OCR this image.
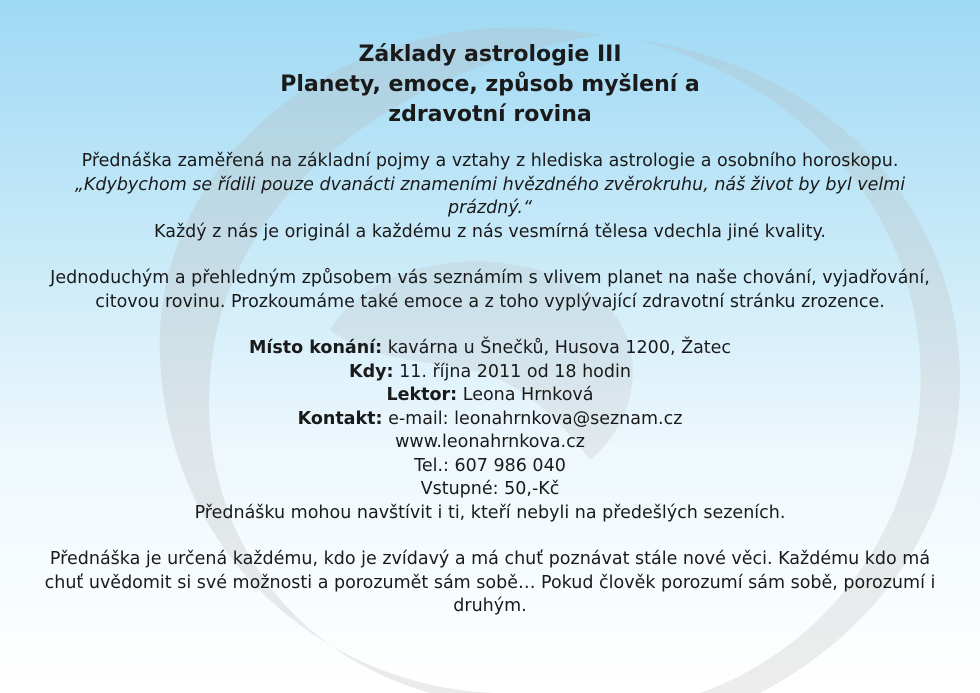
Základy astrologie III
Planety, emoce, způsob myšlení a
zdravotní rovina

Přednáška zaměřená na základní pojmy a vztahy z hlediska astrologie a osobního horoskopu.

„Kdybychom se řídili pouze dvanácti znameními hvězdného zvěrokruhu, náš život by byl velmi prázdný.“

Každý z nás je originál a každému z nás vesmírná tělesa vdechla jiné kvality.

Jednoduchým a přehledným způsobem vás seznámím s vlivem planet na naše chování, vyjadřování, citovou rovinu. Prozkoumáme také emoce a z toho vyplývající zdravotní stránku zrozence.

Místo konání: kavárna u Šnečků, Husova 1200, Žatec

Kdy: 11. října 2011 od 18 hodin

Lektor: Leona Hrnková

Kontakt: e-mail: leonahrnkova@seznam.cz

www.leonahrnkova.cz

Tel.: 607 986 040

Vstupné: 50,-Kč

Přednášku mohou navštívit i ti, kteří nebyli na předešlých sezeních.

Přednáška je určená každému, kdo je zvídavý a má chuť poznávat stále nové věci. Každému kdo má chuť uvědomit si své možnosti a porozumět sám sobě… Pokud člověk porozumí sám sobě, porozumí i druhým.
